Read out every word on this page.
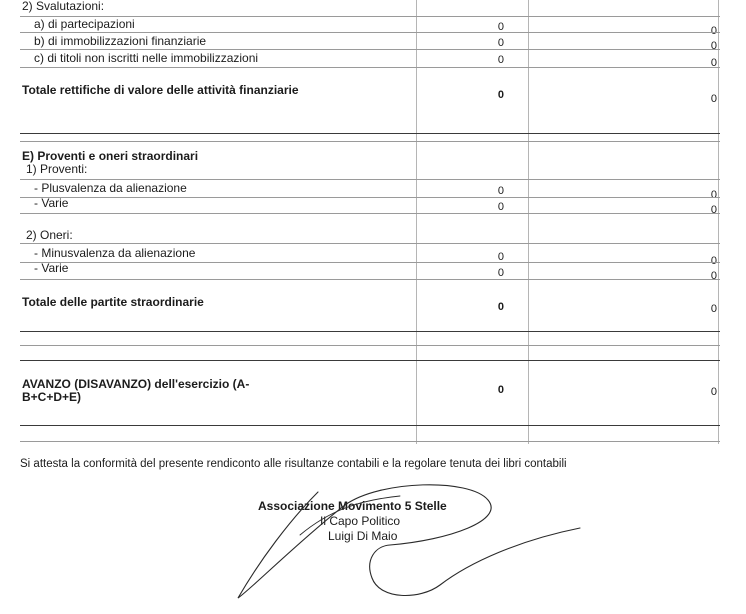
2) Svalutazioni:
a) di partecipazioni	0	0
b) di immobilizzazioni finanziarie	0	0
c) di titoli non iscritti nelle immobilizzazioni	0	0
Totale rettifiche di valore delle attività finanziarie	0	0
E) Proventi e oneri straordinari
1) Proventi:
- Plusvalenza da alienazione	0	0
- Varie	0	0
2) Oneri:
- Minusvalenza da alienazione	0	0
- Varie	0	0
Totale delle partite straordinarie	0	0
AVANZO (DISAVANZO) dell'esercizio (A-B+C+D+E)	0	0
Si attesta la conformità del presente rendiconto alle risultanze contabili e la regolare tenuta dei libri contabili
Associazione Movimento 5 Stelle
Il Capo Politico
Luigi Di Maio
